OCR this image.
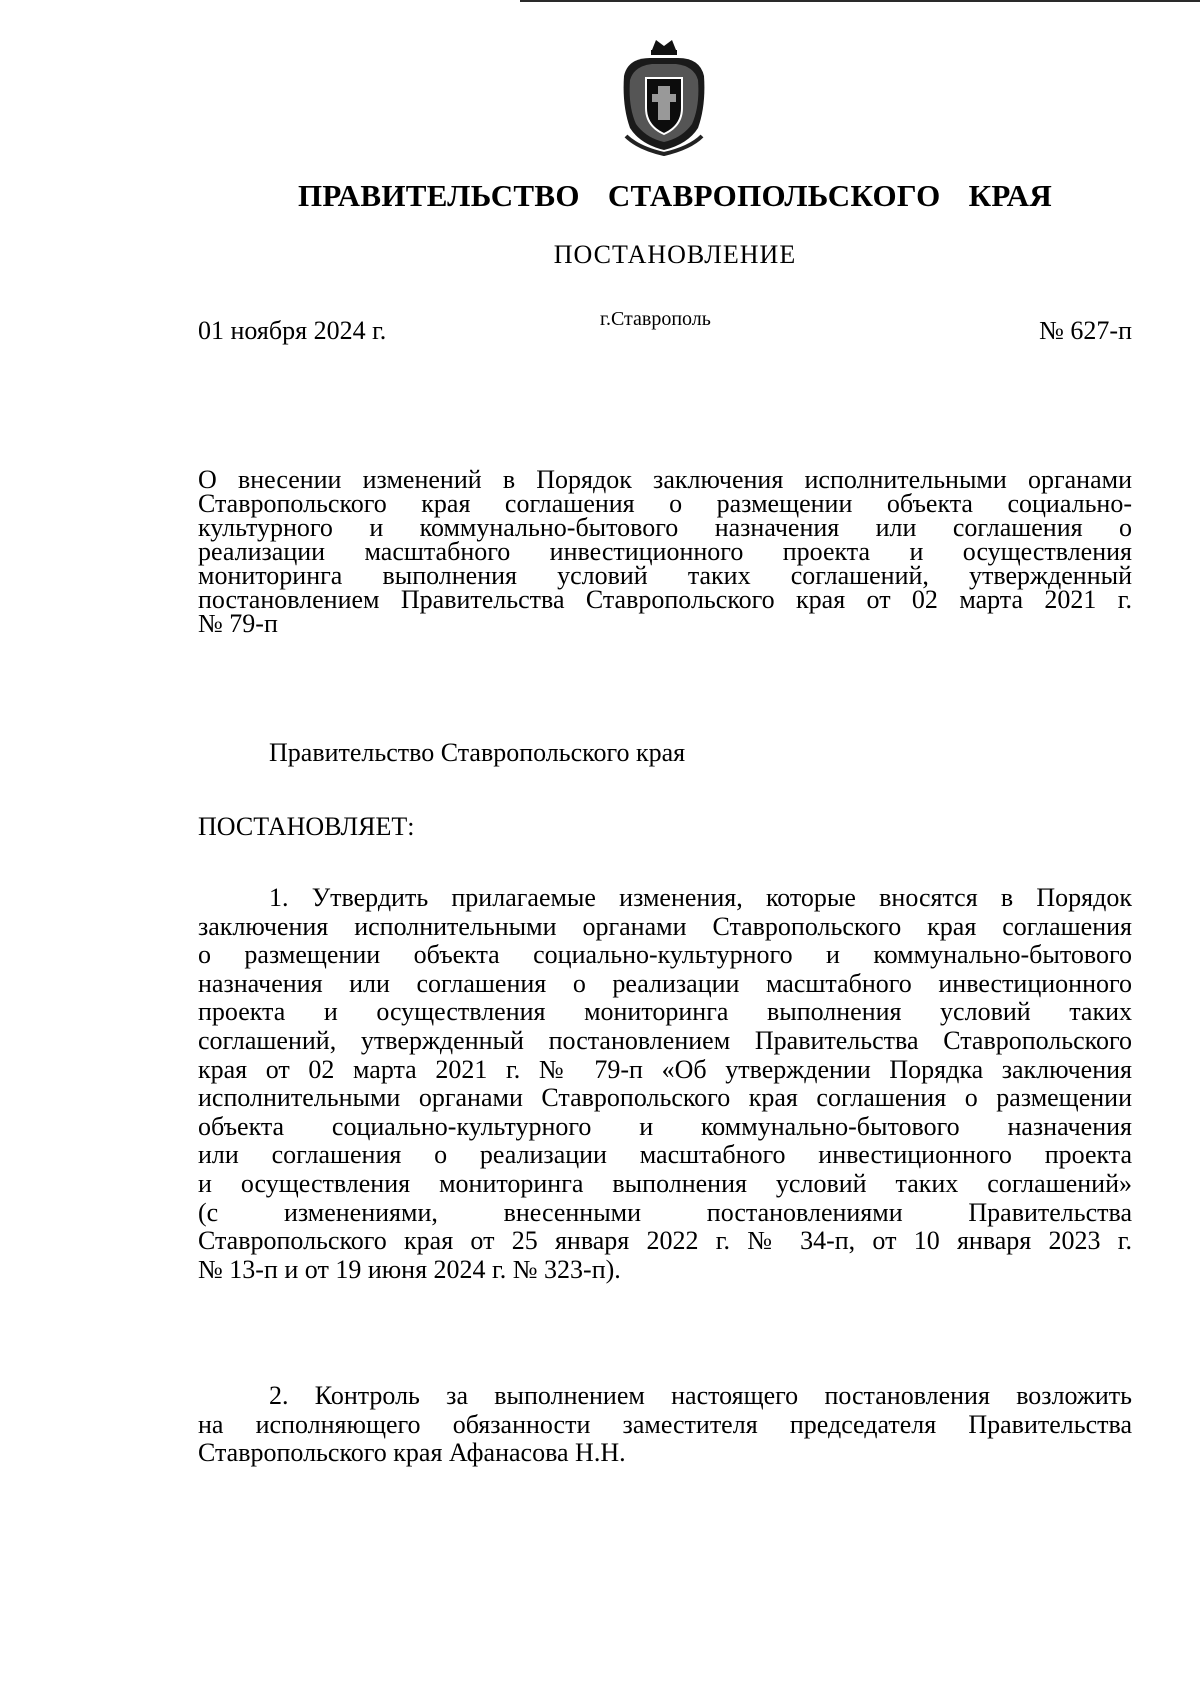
ПРАВИТЕЛЬСТВО СТАВРОПОЛЬСКОГО КРАЯ
ПОСТАНОВЛЕНИЕ
01 ноября 2024 г.	г.Ставрополь	№ 627-п
О внесении изменений в Порядок заключения исполнительными органами
Ставропольского края соглашения о размещении объекта социально-
культурного и коммунально-бытового назначения или соглашения о
реализации масштабного инвестиционного проекта и осуществления
мониторинга выполнения условий таких соглашений, утвержденный
постановлением Правительства Ставропольского края от 02 марта 2021 г.
№ 79-п
Правительство Ставропольского края
ПОСТАНОВЛЯЕТ:
1. Утвердить прилагаемые изменения, которые вносятся в Порядок
заключения исполнительными органами Ставропольского края соглашения
о размещении объекта социально-культурного и коммунально-бытового
назначения или соглашения о реализации масштабного инвестиционного
проекта и осуществления мониторинга выполнения условий таких
соглашений, утвержденный постановлением Правительства Ставропольского
края от 02 марта 2021 г. № 79-п «Об утверждении Порядка заключения
исполнительными органами Ставропольского края соглашения о размещении
объекта социально-культурного и коммунально-бытового назначения
или соглашения о реализации масштабного инвестиционного проекта
и осуществления мониторинга выполнения условий таких соглашений»
(с изменениями, внесенными постановлениями Правительства
Ставропольского края от 25 января 2022 г. № 34-п, от 10 января 2023 г.
№ 13-п и от 19 июня 2024 г. № 323-п).
2. Контроль за выполнением настоящего постановления возложить
на исполняющего обязанности заместителя председателя Правительства
Ставропольского края Афанасова Н.Н.
